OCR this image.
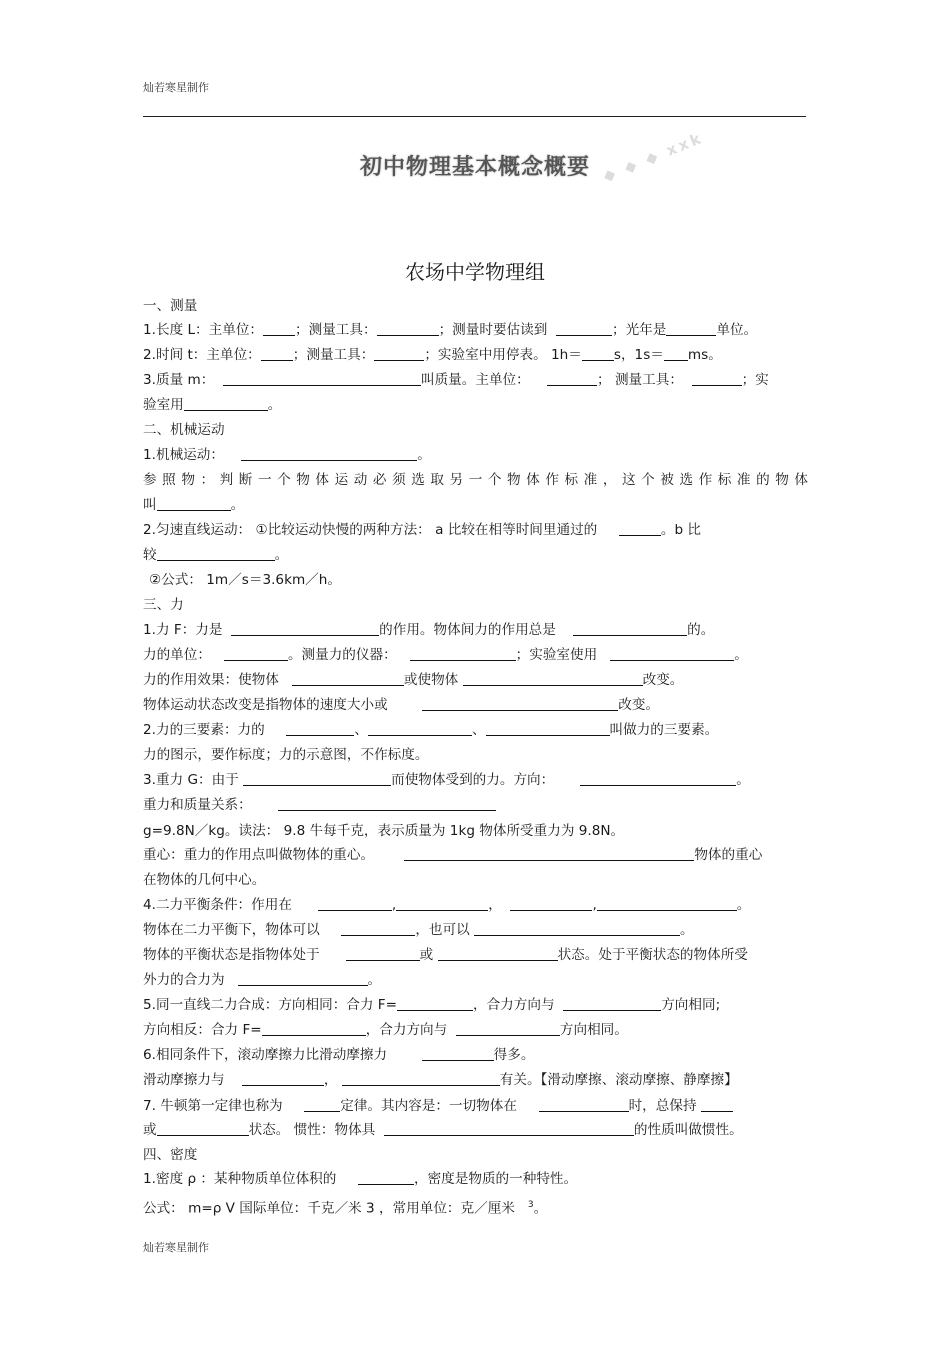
灿若寒星制作
◆ ◆ ◆ xxk
初中物理基本概念概要
农场中学物理组
一、测量
1.长度 L：主单位： ；测量工具：	；测量时要估读到	；光年是	单位。
2.时间 t：主单位： ；测量工具：	；实验室中用停表。 1h＝ s，1s＝ ms。
3.质量 m：	叫质量。主单位：	； 测量工具：	；实
验室用	。
二、机械运动
1.机械运动：	。
参照物：判断一个物体运动必须选取另一个物体作标准，这个被选作标准的物体
叫	。
2.匀速直线运动： ①比较运动快慢的两种方法： a 比较在相等时间里通过的	。b 比
较	。
②公式： 1m／s＝3.6km／h。
三、力
1.力 F：力是	的作用。物体间力的作用总是	的。
力的单位：	。测量力的仪器：	；实验室使用	。
力的作用效果：使物体	或使物体	改变。
物体运动状态改变是指物体的速度大小或	改变。
2.力的三要素：力的	、	、	叫做力的三要素。
力的图示，要作标度；力的示意图，不作标度。
3.重力 G：由于	而使物体受到的力。方向：	。
重力和质量关系：
g=9.8N／kg。读法： 9.8 牛每千克，表示质量为 1kg 物体所受重力为 9.8N。
重心：重力的作用点叫做物体的重心。	物体的重心
在物体的几何中心。
4.二力平衡条件：作用在	,	，	,	。
物体在二力平衡下，物体可以	，也可以	。
物体的平衡状态是指物体处于	或	状态。处于平衡状态的物体所受
外力的合力为	。
5.同一直线二力合成：方向相同：合力 F=	，合力方向与	方向相同;
方向相反：合力 F=	，合力方向与	方向相同。
6.相同条件下，滚动摩擦力比滑动摩擦力	得多。
滑动摩擦力与	，	有关。【滑动摩擦、滚动摩擦、静摩擦】
7. 牛顿第一定律也称为	定律。其内容是：一切物体在	时，总保持
或	状态。 惯性：物体具	的性质叫做惯性。
四、密度
1.密度 ρ ：某种物质单位体积的	，密度是物质的一种特性。
公式： m=ρ V 国际单位：千克／米 3 ，常用单位：克／厘米 $^3$。
灿若寒星制作
